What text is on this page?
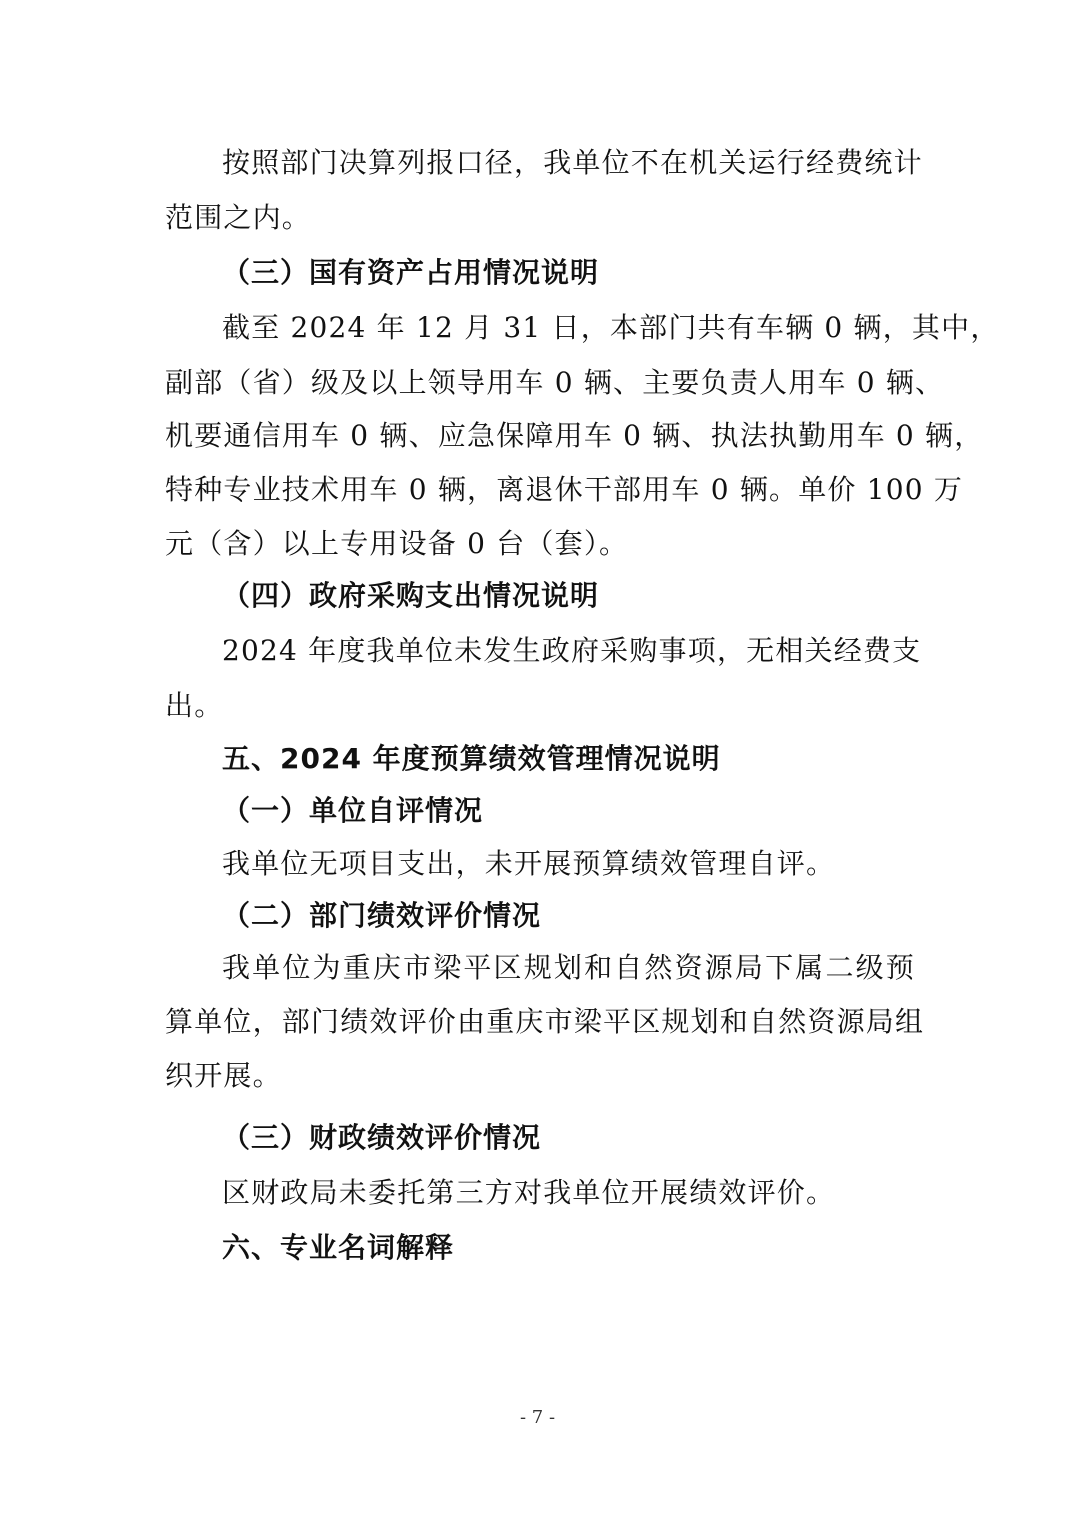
按照部门决算列报口径，我单位不在机关运行经费统计
范围之内。
（三）国有资产占用情况说明
截至 2024 年 12 月 31 日，本部门共有车辆 0 辆，其中，
副部（省）级及以上领导用车 0 辆、主要负责人用车 0 辆、
机要通信用车 0 辆、应急保障用车 0 辆、执法执勤用车 0 辆，
特种专业技术用车 0 辆，离退休干部用车 0 辆。单价 100 万
元（含）以上专用设备 0 台（套）。
（四）政府采购支出情况说明
2024 年度我单位未发生政府采购事项，无相关经费支
出。
五、2024 年度预算绩效管理情况说明
（一）单位自评情况
我单位无项目支出，未开展预算绩效管理自评。
（二）部门绩效评价情况
我单位为重庆市梁平区规划和自然资源局下属二级预
算单位，部门绩效评价由重庆市梁平区规划和自然资源局组
织开展。
（三）财政绩效评价情况
区财政局未委托第三方对我单位开展绩效评价。
六、专业名词解释
- 7 -
